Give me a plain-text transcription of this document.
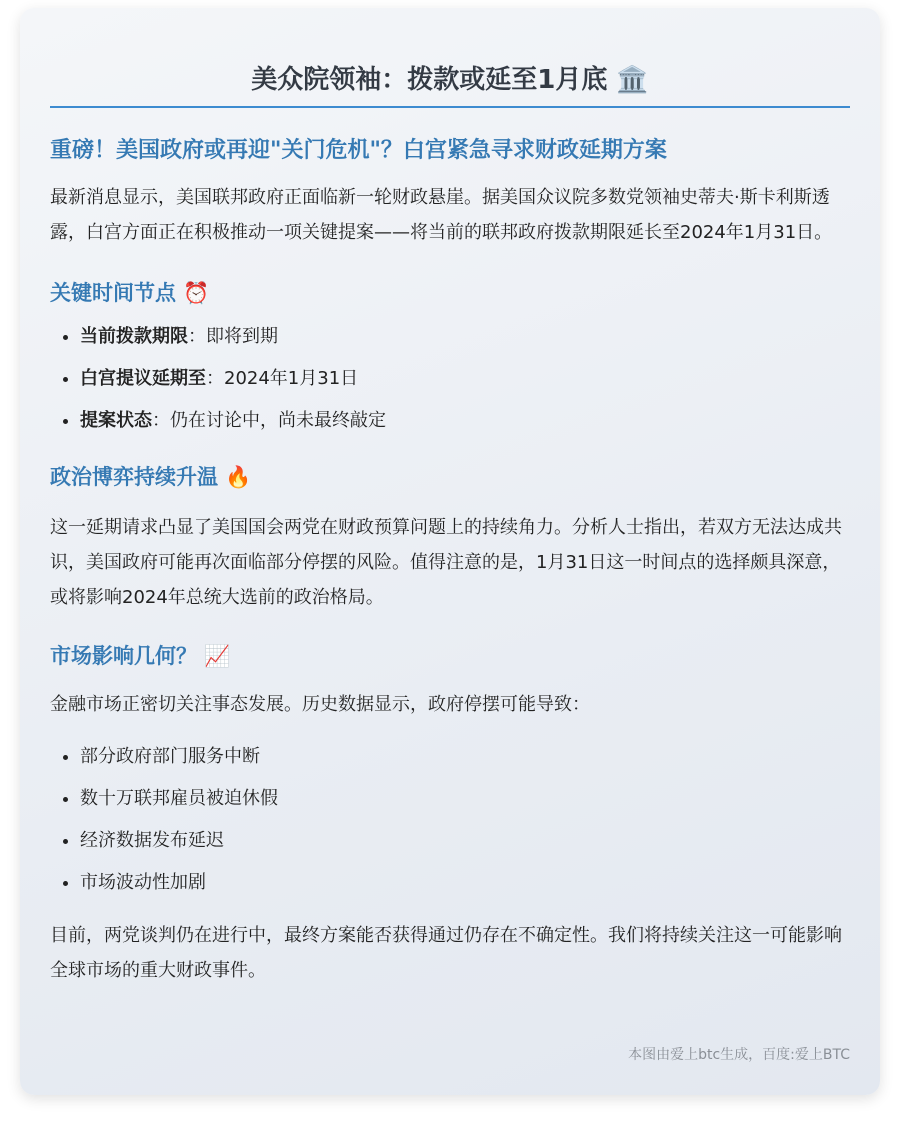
美众院领袖：拨款或延至1月底 🏛️
重磅！美国政府或再迎"关门危机"？白宫紧急寻求财政延期方案

最新消息显示，美国联邦政府正面临新一轮财政悬崖。据美国众议院多数党领袖史蒂夫·斯卡利斯透露，白宫方面正在积极推动一项关键提案——将当前的联邦政府拨款期限延长至2024年1月31日。

关键时间节点 ⏰
• 当前拨款期限：即将到期
• 白宫提议延期至：2024年1月31日
• 提案状态：仍在讨论中，尚未最终敲定
政治博弈持续升温 🔥

这一延期请求凸显了美国国会两党在财政预算问题上的持续角力。分析人士指出，若双方无法达成共识，美国政府可能再次面临部分停摆的风险。值得注意的是，1月31日这一时间点的选择颇具深意，或将影响2024年总统大选前的政治格局。

市场影响几何？ 📈

金融市场正密切关注事态发展。历史数据显示，政府停摆可能导致：

• 部分政府部门服务中断
• 数十万联邦雇员被迫休假
• 经济数据发布延迟
• 市场波动性加剧

目前，两党谈判仍在进行中，最终方案能否获得通过仍存在不确定性。我们将持续关注这一可能影响全球市场的重大财政事件。

本图由爱上btc生成，百度:爱上BTC
